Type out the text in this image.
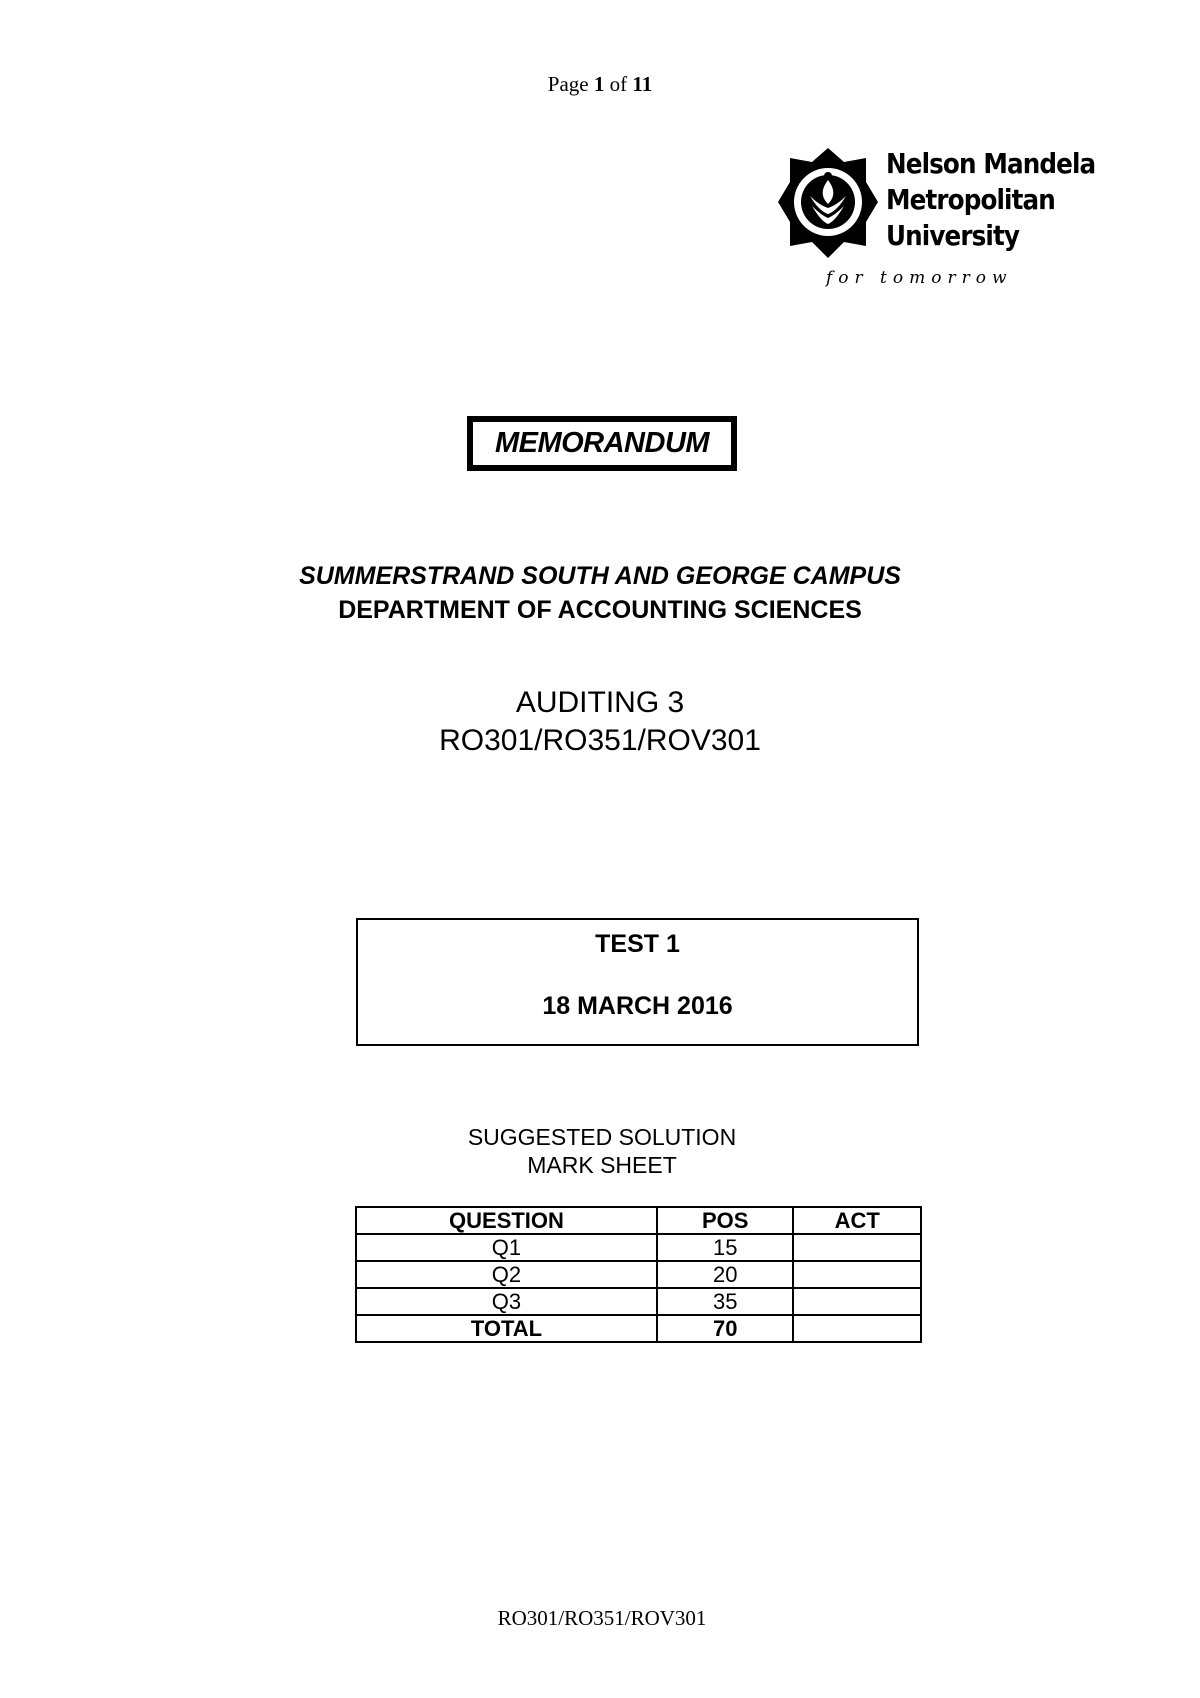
Page 1 of 11
Nelson Mandela
Metropolitan
University
for tomorrow
MEMORANDUM
SUMMERSTRAND SOUTH AND GEORGE CAMPUS
DEPARTMENT OF ACCOUNTING SCIENCES
AUDITING 3
RO301/RO351/ROV301
TEST 1
18 MARCH 2016
SUGGESTED SOLUTION
MARK SHEET
QUESTION	POS	ACT
Q1	15	
Q2	20	
Q3	35	
TOTAL	70	
RO301/RO351/ROV301
